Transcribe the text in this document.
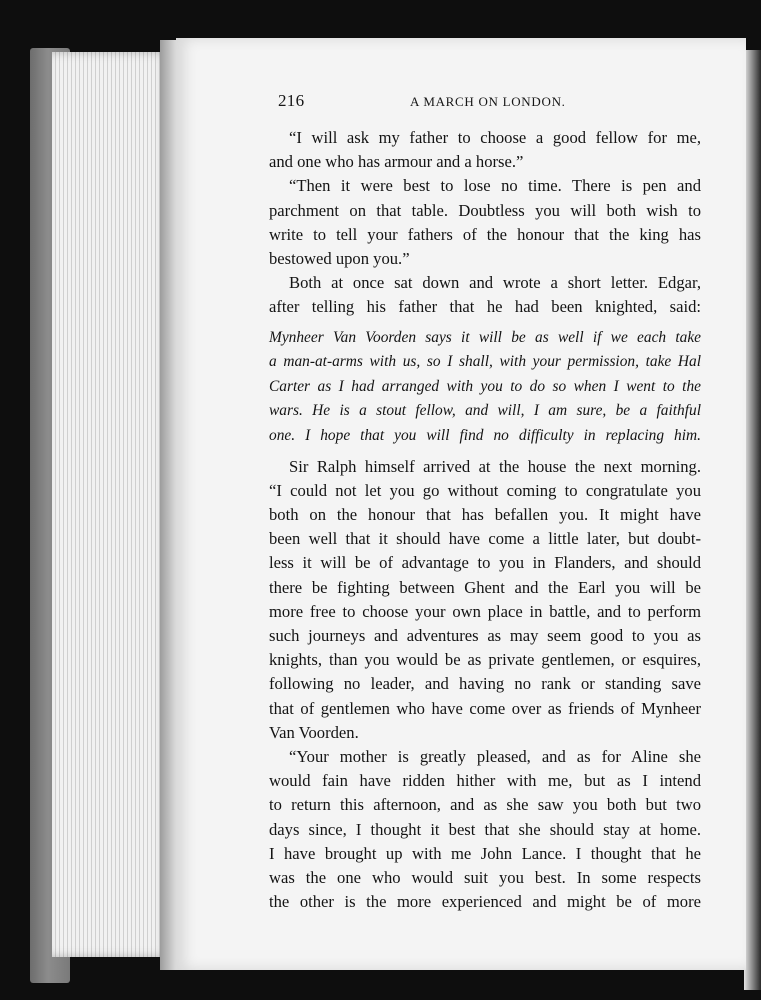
216	A MARCH ON LONDON.

“I will ask my father to choose a good fellow for me,
and one who has armour and a horse.”

“Then it were best to lose no time. There is pen and
parchment on that table. Doubtless you will both wish to
write to tell your fathers of the honour that the king has
bestowed upon you.”

Both at once sat down and wrote a short letter. Edgar,
after telling his father that he had been knighted, said:

Mynheer Van Voorden says it will be as well if we each take
a man-at-arms with us, so I shall, with your permission, take Hal
Carter as I had arranged with you to do so when I went to the
wars. He is a stout fellow, and will, I am sure, be a faithful
one. I hope that you will find no difficulty in replacing him.

Sir Ralph himself arrived at the house the next morning.
“I could not let you go without coming to congratulate you
both on the honour that has befallen you. It might have
been well that it should have come a little later, but doubt-
less it will be of advantage to you in Flanders, and should
there be fighting between Ghent and the Earl you will be
more free to choose your own place in battle, and to perform
such journeys and adventures as may seem good to you as
knights, than you would be as private gentlemen, or esquires,
following no leader, and having no rank or standing save
that of gentlemen who have come over as friends of Mynheer
Van Voorden.

“Your mother is greatly pleased, and as for Aline she
would fain have ridden hither with me, but as I intend
to return this afternoon, and as she saw you both but two
days since, I thought it best that she should stay at home.
I have brought up with me John Lance. I thought that he
was the one who would suit you best. In some respects
the other is the more experienced and might be of more
